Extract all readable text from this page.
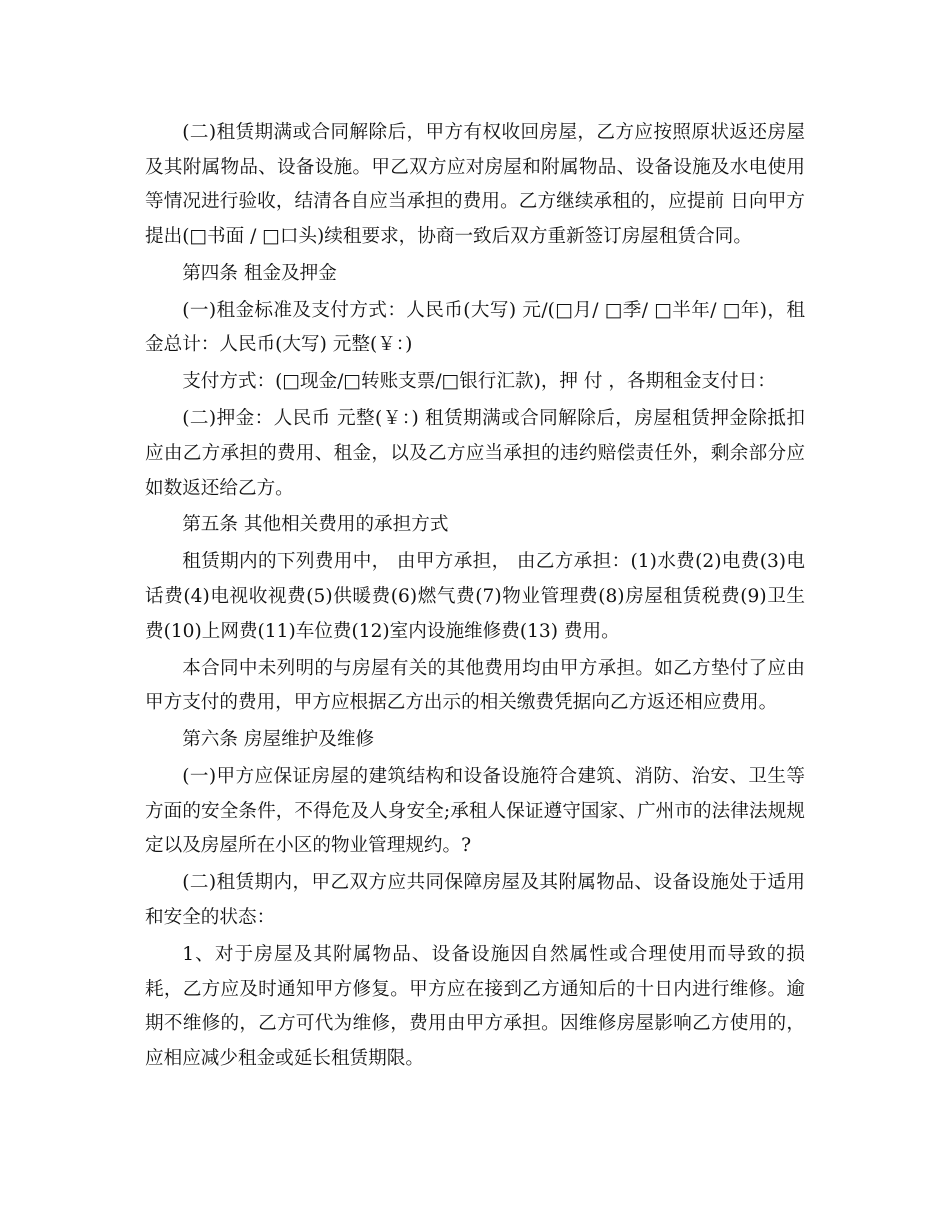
(二)租赁期满或合同解除后，甲方有权收回房屋，乙方应按照原状返还房屋及其附属物品、设备设施。甲乙双方应对房屋和附属物品、设备设施及水电使用等情况进行验收，结清各自应当承担的费用。乙方继续承租的，应提前 日向甲方提出(□书面 / □口头)续租要求，协商一致后双方重新签订房屋租赁合同。

第四条 租金及押金

(一)租金标准及支付方式：人民币(大写) 元/(□月/ □季/ □半年/ □年)，租金总计：人民币(大写) 元整(￥：)

支付方式：(□现金/□转账支票/□银行汇款)，押 付 ，各期租金支付日：

(二)押金：人民币 元整(￥：) 租赁期满或合同解除后，房屋租赁押金除抵扣应由乙方承担的费用、租金，以及乙方应当承担的违约赔偿责任外，剩余部分应如数返还给乙方。

第五条 其他相关费用的承担方式

租赁期内的下列费用中， 由甲方承担， 由乙方承担：(1)水费(2)电费(3)电话费(4)电视收视费(5)供暖费(6)燃气费(7)物业管理费(8)房屋租赁税费(9)卫生费(10)上网费(11)车位费(12)室内设施维修费(13) 费用。

本合同中未列明的与房屋有关的其他费用均由甲方承担。如乙方垫付了应由甲方支付的费用，甲方应根据乙方出示的相关缴费凭据向乙方返还相应费用。

第六条 房屋维护及维修

(一)甲方应保证房屋的建筑结构和设备设施符合建筑、消防、治安、卫生等方面的安全条件，不得危及人身安全;承租人保证遵守国家、广州市的法律法规规定以及房屋所在小区的物业管理规约。?

(二)租赁期内，甲乙双方应共同保障房屋及其附属物品、设备设施处于适用和安全的状态：

1、对于房屋及其附属物品、设备设施因自然属性或合理使用而导致的损耗，乙方应及时通知甲方修复。甲方应在接到乙方通知后的十日内进行维修。逾期不维修的，乙方可代为维修，费用由甲方承担。因维修房屋影响乙方使用的，应相应减少租金或延长租赁期限。
